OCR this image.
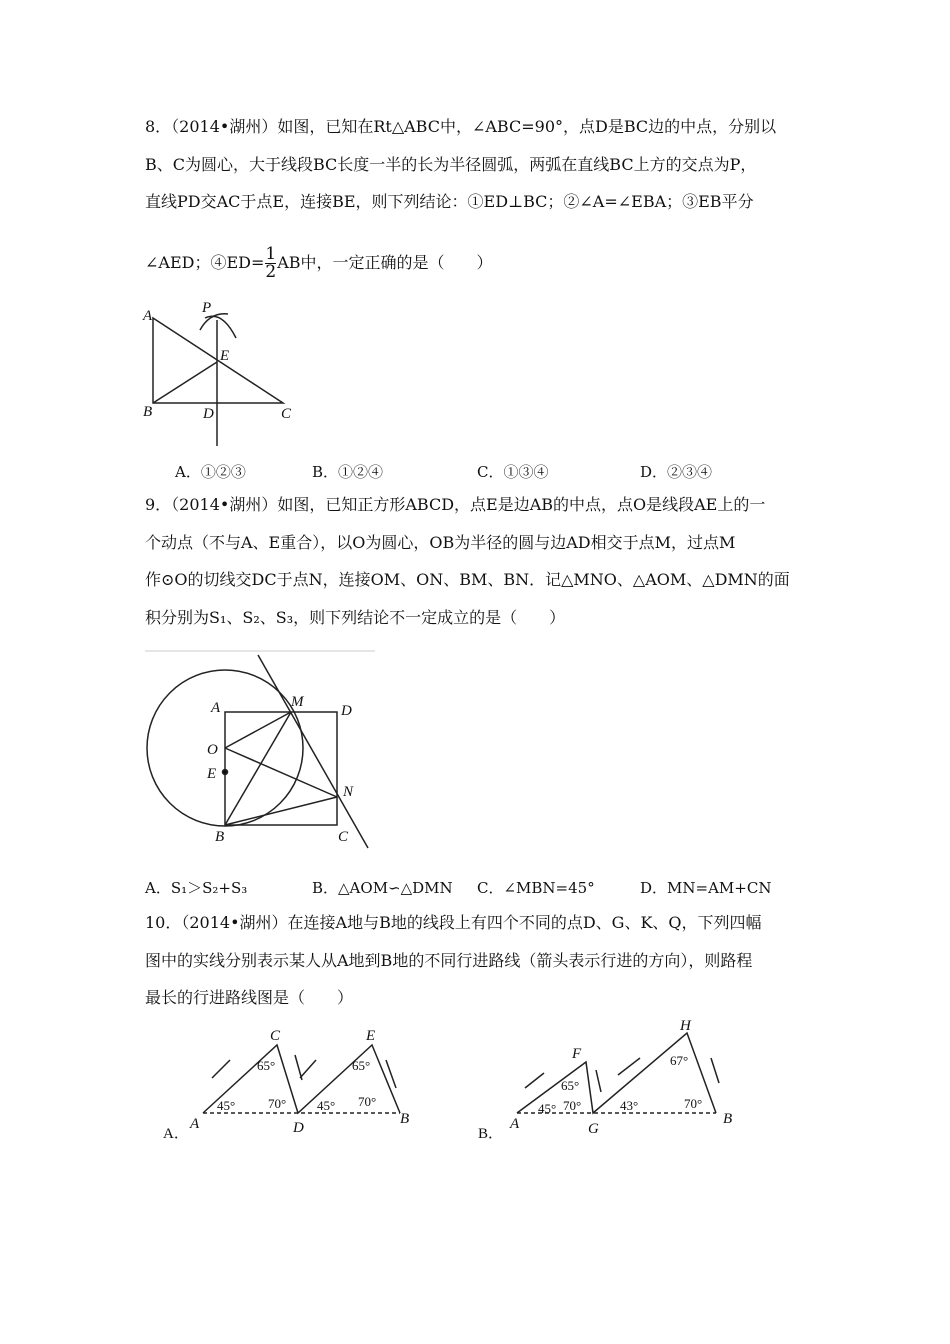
8．（2014•湖州）如图，已知在Rt△ABC中，∠ABC=90°，点D是BC边的中点，分别以
B、C为圆心，大于线段BC长度一半的长为半径圆弧，两弧在直线BC上方的交点为P，
直线PD交AC于点E，连接BE，则下列结论：①ED⊥BC；②∠A=∠EBA；③EB平分
∠AED；④ED= $\frac{1}{2}$ AB中，一定正确的是（　　）
A．①②③	B．①②④	C．①③④	D．②③④
9．（2014•湖州）如图，已知正方形ABCD，点E是边AB的中点，点O是线段AE上的一
个动点（不与A、E重合），以O为圆心，OB为半径的圆与边AD相交于点M，过点M
作⊙O的切线交DC于点N，连接OM、ON、BM、BN．记△MNO、△AOM、△DMN的面
积分别为S₁、S₂、S₃，则下列结论不一定成立的是（　　）
A．S₁＞S₂+S₃	B．△AOM∽△DMN C．∠MBN=45°	D．MN=AM+CN
10．（2014•湖州）在连接A地与B地的线段上有四个不同的点D、G、K、Q，下列四幅
图中的实线分别表示某人从A地到B地的不同行进路线（箭头表示行进的方向），则路程
最长的行进路线图是（　　）
A
B	C
D
E
P
A	D
M
O
E
N
B	C
A．
A
C
D
E
B
45°
65°
70° 45°
65°
70°
B．
A
F
G
H
B
45°
65°
70°	43°
67°
70°
